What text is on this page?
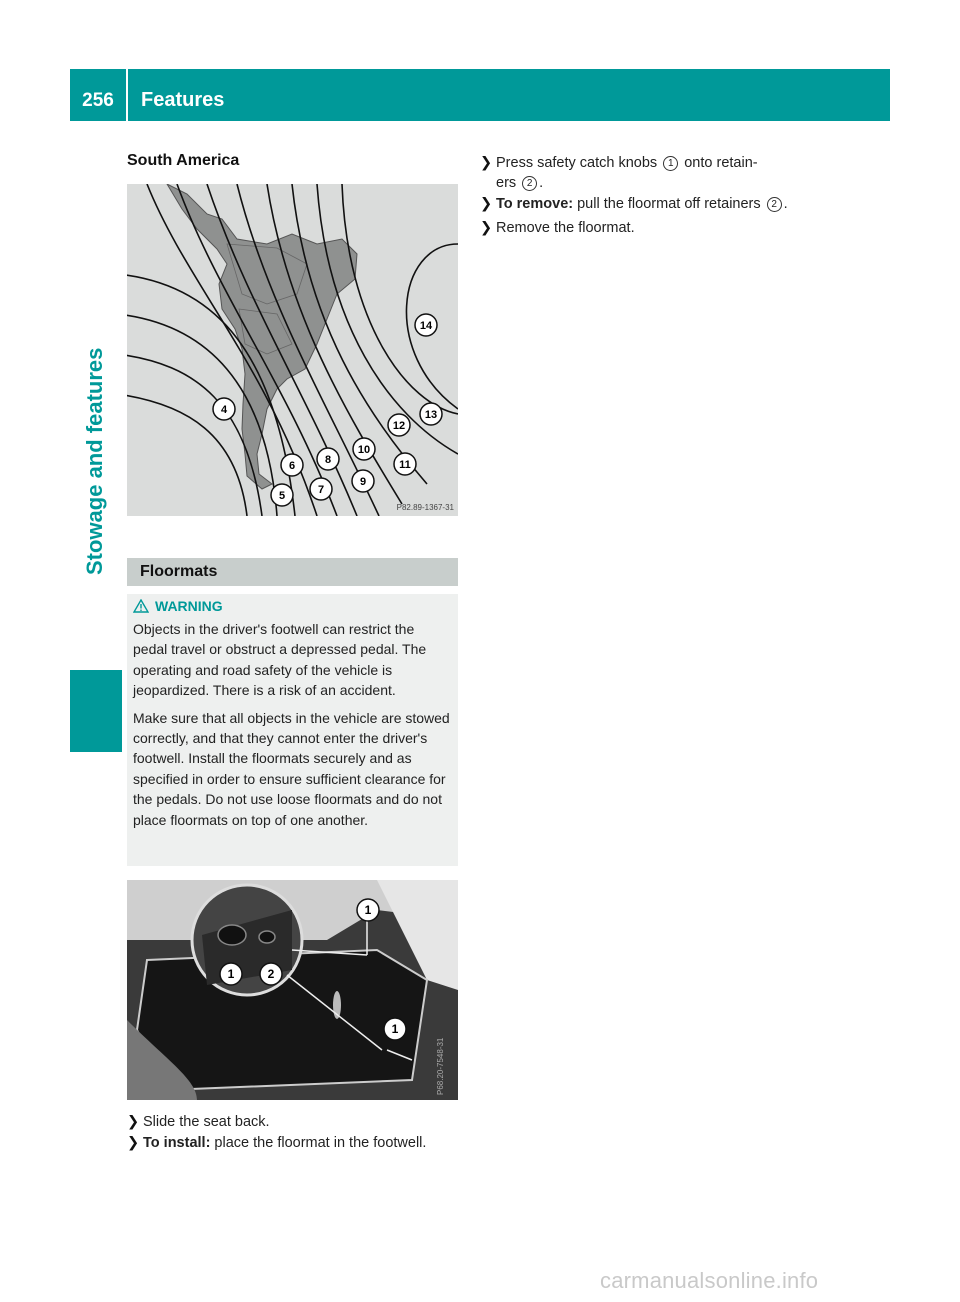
256	Features
Stowage and features
South America
4
5
6
7
8
9
10
11
12
13
14
P82.89-1367-31
Floormats
WARNING

Objects in the driver's footwell can restrict the pedal travel or obstruct a depressed pedal. The operating and road safety of the vehicle is jeopardized. There is a risk of an accident.

Make sure that all objects in the vehicle are stowed correctly, and that they cannot enter the driver's footwell. Install the floormats securely and as specified in order to ensure sufficient clearance for the pedals. Do not use loose floormats and do not place floormats on top of one another.

1	2
1
1
P68.20-7548-31
❯ Slide the seat back.
❯ To install: place the floormat in the footwell.
❯ Press safety catch knobs 1 onto retain-
ers 2 .
❯ To remove: pull the floormat off retainers 2 .
❯ Remove the floormat.
carmanualsonline.info
